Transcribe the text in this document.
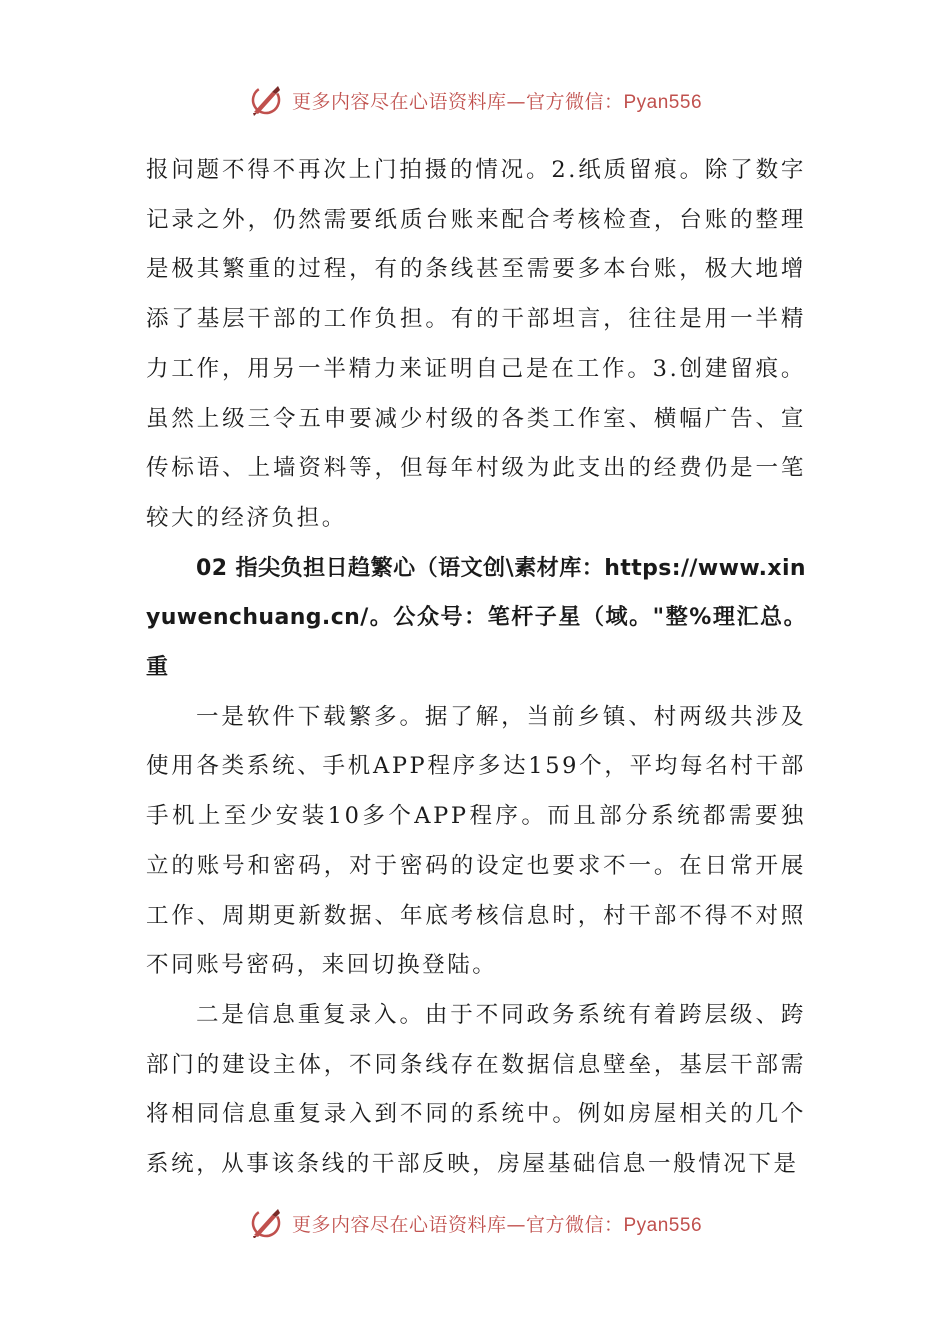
更多内容尽在心语资料库—官方微信：Pyan556

报问题不得不再次上门拍摄的情况。2.纸质留痕。除了数字记录之外，仍然需要纸质台账来配合考核检查，台账的整理是极其繁重的过程，有的条线甚至需要多本台账，极大地增添了基层干部的工作负担。有的干部坦言，往往是用一半精力工作，用另一半精力来证明自己是在工作。3.创建留痕。虽然上级三令五申要减少村级的各类工作室、横幅广告、宣传标语、上墙资料等，但每年村级为此支出的经费仍是一笔较大的经济负担。

02 指尖负担日趋繁心（语文创\素材库：https://www.xinyuwenchuang.cn/。公众号：笔杆子星（域。"整%理汇总。重

一是软件下载繁多。据了解，当前乡镇、村两级共涉及使用各类系统、手机APP程序多达159个，平均每名村干部手机上至少安装10多个APP程序。而且部分系统都需要独立的账号和密码，对于密码的设定也要求不一。在日常开展工作、周期更新数据、年底考核信息时，村干部不得不对照不同账号密码，来回切换登陆。

二是信息重复录入。由于不同政务系统有着跨层级、跨部门的建设主体，不同条线存在数据信息壁垒，基层干部需将相同信息重复录入到不同的系统中。例如房屋相关的几个系统，从事该条线的干部反映，房屋基础信息一般情况下是

更多内容尽在心语资料库—官方微信：Pyan556
